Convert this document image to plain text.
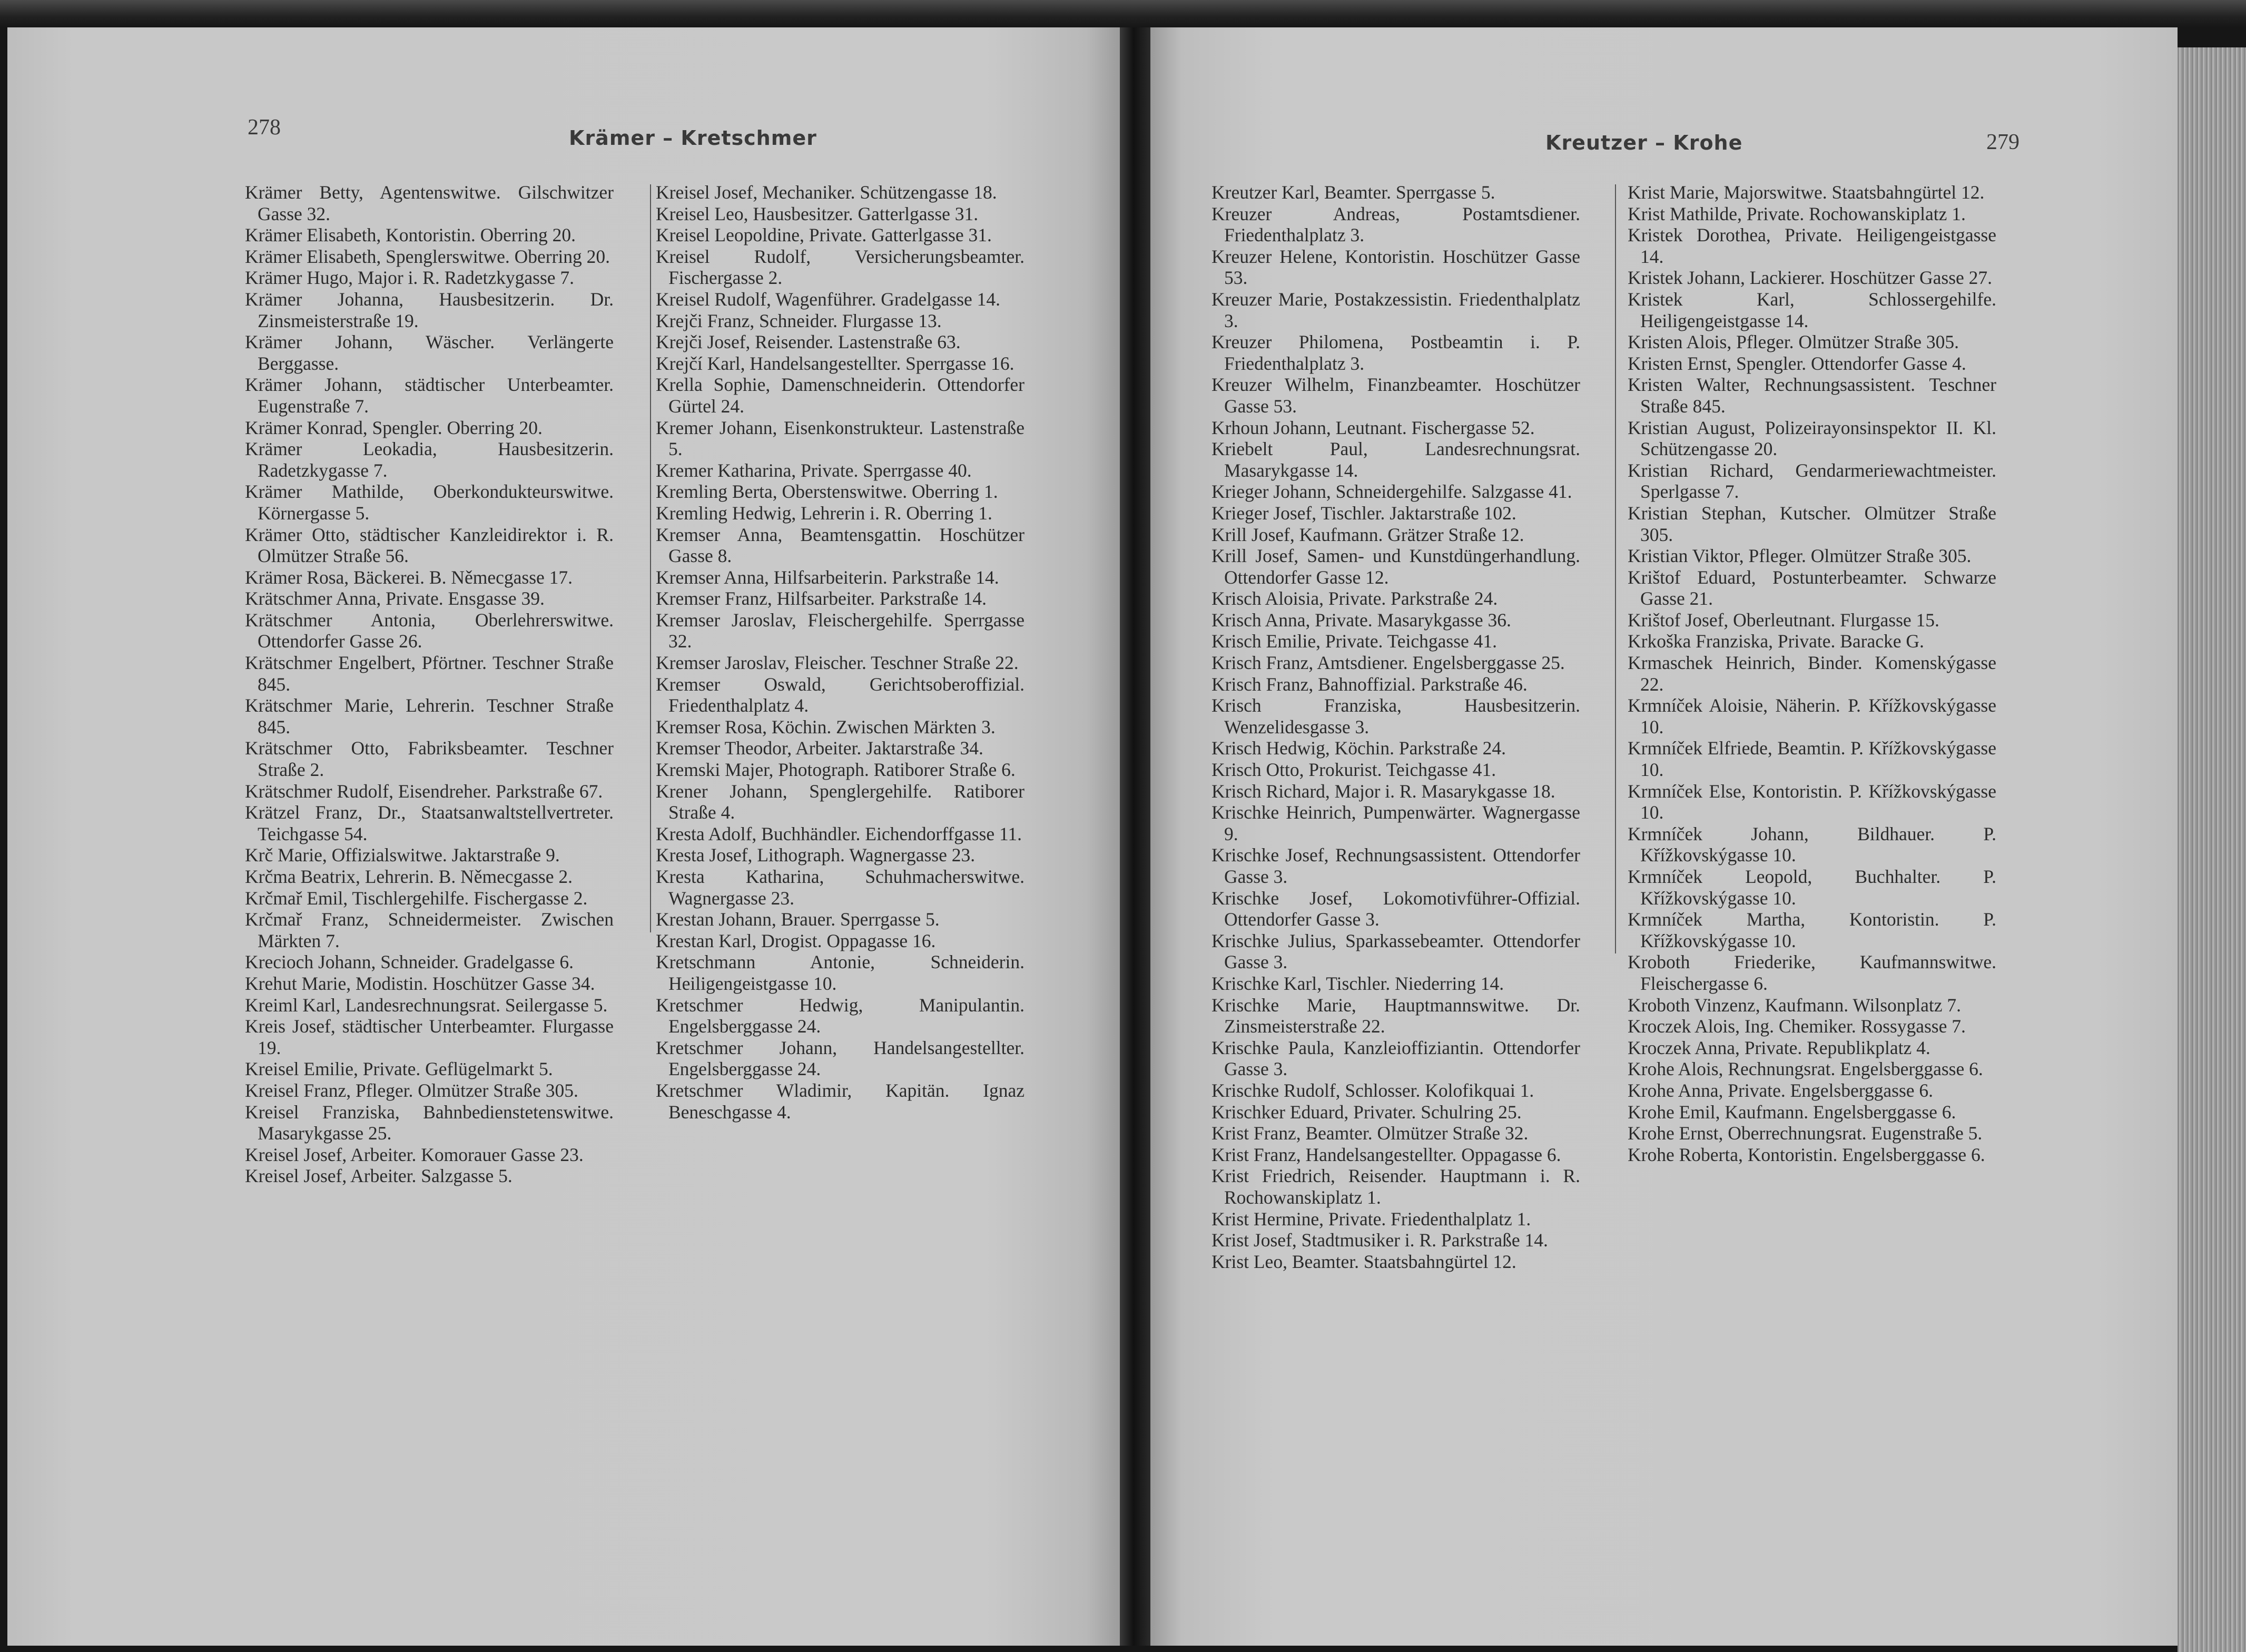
278	Krämer – Kretschmer	Kreutzer – Krohe	279

Krämer Betty, Agentenswitwe. Gilschwitzer Gasse 32.

Krämer Elisabeth, Kontoristin. Oberring 20.

Krämer Elisabeth, Spenglerswitwe. Oberring 20.

Krämer Hugo, Major i. R. Radetzkygasse 7.

Krämer Johanna, Hausbesitzerin. Dr. Zinsmeisterstraße 19.

Krämer Johann, Wäscher. Verlängerte Berggasse.

Krämer Johann, städtischer Unterbeamter. Eugenstraße 7.

Krämer Konrad, Spengler. Oberring 20.

Krämer Leokadia, Hausbesitzerin. Radetzkygasse 7.

Krämer Mathilde, Oberkondukteurswitwe. Körnergasse 5.

Krämer Otto, städtischer Kanzleidirektor i. R. Olmützer Straße 56.

Krämer Rosa, Bäckerei. B. Němecgasse 17.

Krätschmer Anna, Private. Ensgasse 39.

Krätschmer Antonia, Oberlehrerswitwe. Ottendorfer Gasse 26.

Krätschmer Engelbert, Pförtner. Teschner Straße 845.

Krätschmer Marie, Lehrerin. Teschner Straße 845.

Krätschmer Otto, Fabriksbeamter. Teschner Straße 2.

Krätschmer Rudolf, Eisendreher. Parkstraße 67.

Krätzel Franz, Dr., Staatsanwaltstellvertreter. Teichgasse 54.

Krč Marie, Offizialswitwe. Jaktarstraße 9.

Krčma Beatrix, Lehrerin. B. Němecgasse 2.

Krčmař Emil, Tischlergehilfe. Fischergasse 2.

Krčmař Franz, Schneidermeister. Zwischen Märkten 7.

Krecioch Johann, Schneider. Gradelgasse 6.

Krehut Marie, Modistin. Hoschützer Gasse 34.

Kreiml Karl, Landesrechnungsrat. Seilergasse 5.

Kreis Josef, städtischer Unterbeamter. Flurgasse 19.

Kreisel Emilie, Private. Geflügelmarkt 5.

Kreisel Franz, Pfleger. Olmützer Straße 305.

Kreisel Franziska, Bahnbedienstetenswitwe. Masarykgasse 25.

Kreisel Josef, Arbeiter. Komorauer Gasse 23.

Kreisel Josef, Arbeiter. Salzgasse 5.

Kreisel Josef, Mechaniker. Schützengasse 18.

Kreisel Leo, Hausbesitzer. Gatterlgasse 31.

Kreisel Leopoldine, Private. Gatterlgasse 31.

Kreisel Rudolf, Versicherungsbeamter. Fischergasse 2.

Kreisel Rudolf, Wagenführer. Gradelgasse 14.

Krejči Franz, Schneider. Flurgasse 13.

Krejči Josef, Reisender. Lastenstraße 63.

Krejčí Karl, Handelsangestellter. Sperrgasse 16.

Krella Sophie, Damenschneiderin. Ottendorfer Gürtel 24.

Kremer Johann, Eisenkonstrukteur. Lastenstraße 5.

Kremer Katharina, Private. Sperrgasse 40.

Kremling Berta, Oberstenswitwe. Oberring 1.

Kremling Hedwig, Lehrerin i. R. Oberring 1.

Kremser Anna, Beamtensgattin. Hoschützer Gasse 8.

Kremser Anna, Hilfsarbeiterin. Parkstraße 14.

Kremser Franz, Hilfsarbeiter. Parkstraße 14.

Kremser Jaroslav, Fleischergehilfe. Sperrgasse 32.

Kremser Jaroslav, Fleischer. Teschner Straße 22.

Kremser Oswald, Gerichtsoberoffizial. Friedenthalplatz 4.

Kremser Rosa, Köchin. Zwischen Märkten 3.

Kremser Theodor, Arbeiter. Jaktarstraße 34.

Kremski Majer, Photograph. Ratiborer Straße 6.

Krener Johann, Spenglergehilfe. Ratiborer Straße 4.

Kresta Adolf, Buchhändler. Eichendorffgasse 11.

Kresta Josef, Lithograph. Wagnergasse 23.

Kresta Katharina, Schuhmacherswitwe. Wagnergasse 23.

Krestan Johann, Brauer. Sperrgasse 5.

Krestan Karl, Drogist. Oppagasse 16.

Kretschmann Antonie, Schneiderin. Heiligengeistgasse 10.

Kretschmer Hedwig, Manipulantin. Engelsberggasse 24.

Kretschmer Johann, Handelsangestellter. Engelsberggasse 24.

Kretschmer Wladimir, Kapitän. Ignaz Beneschgasse 4.

Kreutzer Karl, Beamter. Sperrgasse 5.

Kreuzer Andreas, Postamtsdiener. Friedenthalplatz 3.

Kreuzer Helene, Kontoristin. Hoschützer Gasse 53.

Kreuzer Marie, Postakzessistin. Friedenthalplatz 3.

Kreuzer Philomena, Postbeamtin i. P. Friedenthalplatz 3.

Kreuzer Wilhelm, Finanzbeamter. Hoschützer Gasse 53.

Krhoun Johann, Leutnant. Fischergasse 52.

Kriebelt Paul, Landesrechnungsrat. Masarykgasse 14.

Krieger Johann, Schneidergehilfe. Salzgasse 41.

Krieger Josef, Tischler. Jaktarstraße 102.

Krill Josef, Kaufmann. Grätzer Straße 12.

Krill Josef, Samen- und Kunstdüngerhandlung. Ottendorfer Gasse 12.

Krisch Aloisia, Private. Parkstraße 24.

Krisch Anna, Private. Masarykgasse 36.

Krisch Emilie, Private. Teichgasse 41.

Krisch Franz, Amtsdiener. Engelsberggasse 25.

Krisch Franz, Bahnoffizial. Parkstraße 46.

Krisch Franziska, Hausbesitzerin. Wenzelidesgasse 3.

Krisch Hedwig, Köchin. Parkstraße 24.

Krisch Otto, Prokurist. Teichgasse 41.

Krisch Richard, Major i. R. Masarykgasse 18.

Krischke Heinrich, Pumpenwärter. Wagnergasse 9.

Krischke Josef, Rechnungsassistent. Ottendorfer Gasse 3.

Krischke Josef, Lokomotivführer-Offizial. Ottendorfer Gasse 3.

Krischke Julius, Sparkassebeamter. Ottendorfer Gasse 3.

Krischke Karl, Tischler. Niederring 14.

Krischke Marie, Hauptmannswitwe. Dr. Zinsmeisterstraße 22.

Krischke Paula, Kanzleioffiziantin. Ottendorfer Gasse 3.

Krischke Rudolf, Schlosser. Kolofikquai 1.

Krischker Eduard, Privater. Schulring 25.

Krist Franz, Beamter. Olmützer Straße 32.

Krist Franz, Handelsangestellter. Oppagasse 6.

Krist Friedrich, Reisender. Hauptmann i. R. Rochowanskiplatz 1.

Krist Hermine, Private. Friedenthalplatz 1.

Krist Josef, Stadtmusiker i. R. Parkstraße 14.

Krist Leo, Beamter. Staatsbahngürtel 12.

Krist Marie, Majorswitwe. Staatsbahngürtel 12.

Krist Mathilde, Private. Rochowanskiplatz 1.

Kristek Dorothea, Private. Heiligengeistgasse 14.

Kristek Johann, Lackierer. Hoschützer Gasse 27.

Kristek Karl, Schlossergehilfe. Heiligengeistgasse 14.

Kristen Alois, Pfleger. Olmützer Straße 305.

Kristen Ernst, Spengler. Ottendorfer Gasse 4.

Kristen Walter, Rechnungsassistent. Teschner Straße 845.

Kristian August, Polizeirayonsinspektor II. Kl. Schützengasse 20.

Kristian Richard, Gendarmeriewachtmeister. Sperlgasse 7.

Kristian Stephan, Kutscher. Olmützer Straße 305.

Kristian Viktor, Pfleger. Olmützer Straße 305.

Krištof Eduard, Postunterbeamter. Schwarze Gasse 21.

Krištof Josef, Oberleutnant. Flurgasse 15.

Krkoška Franziska, Private. Baracke G.

Krmaschek Heinrich, Binder. Komenskýgasse 22.

Krmníček Aloisie, Näherin. P. Křížkovskýgasse 10.

Krmníček Elfriede, Beamtin. P. Křížkovskýgasse 10.

Krmníček Else, Kontoristin. P. Křížkovskýgasse 10.

Krmníček Johann, Bildhauer. P. Křížkovskýgasse 10.

Krmníček Leopold, Buchhalter. P. Křížkovskýgasse 10.

Krmníček Martha, Kontoristin. P. Křížkovskýgasse 10.

Kroboth Friederike, Kaufmannswitwe. Fleischergasse 6.

Kroboth Vinzenz, Kaufmann. Wilsonplatz 7.

Kroczek Alois, Ing. Chemiker. Rossygasse 7.

Kroczek Anna, Private. Republikplatz 4.

Krohe Alois, Rechnungsrat. Engelsberggasse 6.

Krohe Anna, Private. Engelsberggasse 6.

Krohe Emil, Kaufmann. Engelsberggasse 6.

Krohe Ernst, Oberrechnungsrat. Eugenstraße 5.

Krohe Roberta, Kontoristin. Engelsberggasse 6.
